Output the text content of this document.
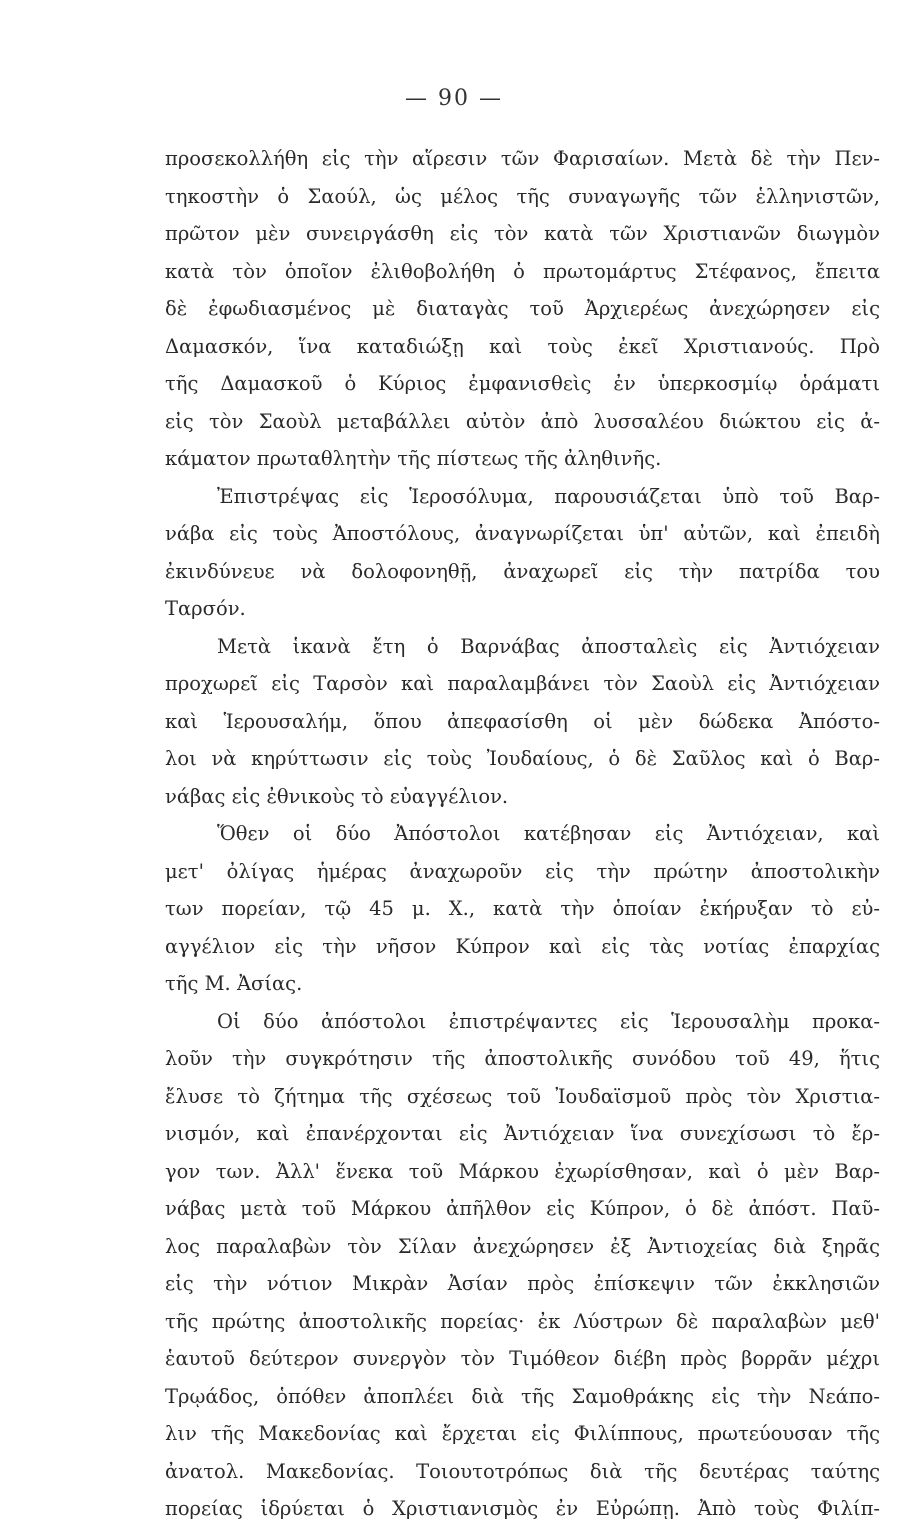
— 90 —
προσεκολλήθη εἰς τὴν αἵρεσιν τῶν Φαρισαίων. Μετὰ δὲ τὴν Πεν-
τηκοστὴν ὁ Σαούλ, ὡς μέλος τῆς συναγωγῆς τῶν ἑλληνιστῶν,
πρῶτον μὲν συνειργάσθη εἰς τὸν κατὰ τῶν Χριστιανῶν διωγμὸν
κατὰ τὸν ὁποῖον ἐλιθοβολήθη ὁ πρωτομάρτυς Στέφανος, ἔπειτα
δὲ ἐφωδιασμένος μὲ διαταγὰς τοῦ Ἀρχιερέως ἀνεχώρησεν εἰς
Δαμασκόν, ἵνα καταδιώξῃ καὶ τοὺς ἐκεῖ Χριστιανούς. Πρὸ
τῆς Δαμασκοῦ ὁ Κύριος ἐμφανισθεὶς ἐν ὑπερκοσμίῳ ὁράματι
εἰς τὸν Σαοὺλ μεταβάλλει αὐτὸν ἀπὸ λυσσαλέου διώκτου εἰς ἀ-
κάματον πρωταθλητὴν τῆς πίστεως τῆς ἀληθινῆς.
Ἐπιστρέψας εἰς Ἱεροσόλυμα, παρουσιάζεται ὑπὸ τοῦ Βαρ-
νάβα εἰς τοὺς Ἀποστόλους, ἀναγνωρίζεται ὑπ' αὐτῶν, καὶ ἐπειδὴ
ἐκινδύνευε νὰ δολοφονηθῇ, ἀναχωρεῖ εἰς τὴν πατρίδα του
Ταρσόν.
Μετὰ ἱκανὰ ἔτη ὁ Βαρνάβας ἀποσταλεὶς εἰς Ἀντιόχειαν
προχωρεῖ εἰς Ταρσὸν καὶ παραλαμβάνει τὸν Σαοὺλ εἰς Ἀντιόχειαν
καὶ Ἱερουσαλήμ, ὅπου ἀπεφασίσθη οἱ μὲν δώδεκα Ἀπόστο-
λοι νὰ κηρύττωσιν εἰς τοὺς Ἰουδαίους, ὁ δὲ Σαῦλος καὶ ὁ Βαρ-
νάβας εἰς ἐθνικοὺς τὸ εὐαγγέλιον.
Ὅθεν οἱ δύο Ἀπόστολοι κατέβησαν εἰς Ἀντιόχειαν, καὶ
μετ' ὀλίγας ἡμέρας ἀναχωροῦν εἰς τὴν πρώτην ἀποστολικὴν
των πορείαν, τῷ 45 μ. Χ., κατὰ τὴν ὁποίαν ἐκήρυξαν τὸ εὐ-
αγγέλιον εἰς τὴν νῆσον Κύπρον καὶ εἰς τὰς νοτίας ἐπαρχίας
τῆς Μ. Ἀσίας.
Οἱ δύο ἀπόστολοι ἐπιστρέψαντες εἰς Ἱερουσαλὴμ προκα-
λοῦν τὴν συγκρότησιν τῆς ἀποστολικῆς συνόδου τοῦ 49, ἥτις
ἔλυσε τὸ ζήτημα τῆς σχέσεως τοῦ Ἰουδαϊσμοῦ πρὸς τὸν Χριστια-
νισμόν, καὶ ἐπανέρχονται εἰς Ἀντιόχειαν ἵνα συνεχίσωσι τὸ ἔρ-
γον των. Ἀλλ' ἕνεκα τοῦ Μάρκου ἐχωρίσθησαν, καὶ ὁ μὲν Βαρ-
νάβας μετὰ τοῦ Μάρκου ἀπῆλθον εἰς Κύπρον, ὁ δὲ ἀπόστ. Παῦ-
λος παραλαβὼν τὸν Σίλαν ἀνεχώρησεν ἐξ Ἀντιοχείας διὰ ξηρᾶς
εἰς τὴν νότιον Μικρὰν Ἀσίαν πρὸς ἐπίσκεψιν τῶν ἐκκλησιῶν
τῆς πρώτης ἀποστολικῆς πορείας· ἐκ Λύστρων δὲ παραλαβὼν μεθ'
ἑαυτοῦ δεύτερον συνεργὸν τὸν Τιμόθεον διέβη πρὸς βορρᾶν μέχρι
Τρῳάδος, ὁπόθεν ἀποπλέει διὰ τῆς Σαμοθράκης εἰς τὴν Νεάπο-
λιν τῆς Μακεδονίας καὶ ἔρχεται εἰς Φιλίππους, πρωτεύουσαν τῆς
ἀνατολ. Μακεδονίας. Τοιουτοτρόπως διὰ τῆς δευτέρας ταύτης
πορείας ἱδρύεται ὁ Χριστιανισμὸς ἐν Εὐρώπῃ. Ἀπὸ τοὺς Φιλίπ-
